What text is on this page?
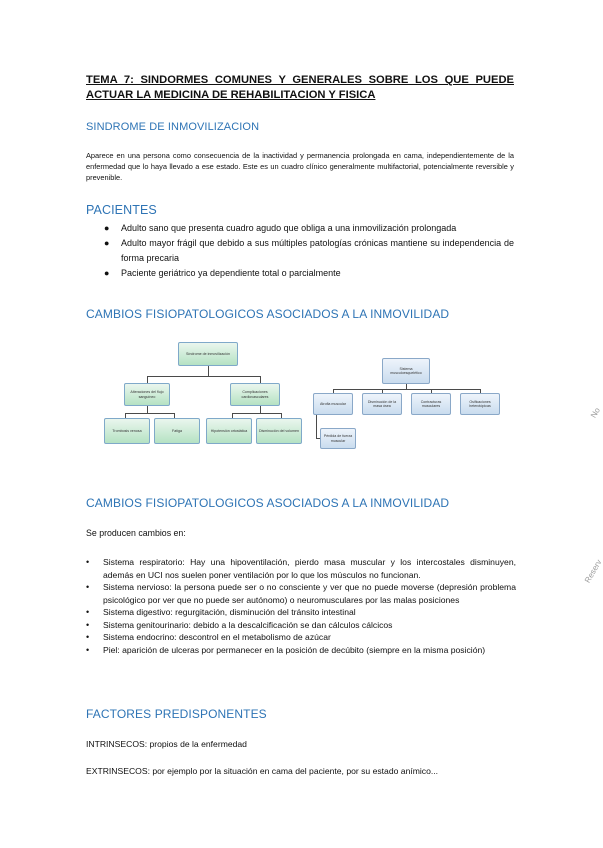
TEMA 7: SINDORMES COMUNES Y GENERALES SOBRE LOS QUE PUEDE ACTUAR LA MEDICINA DE REHABILITACION Y FISICA
SINDROME DE INMOVILIZACION
Aparece en una persona como consecuencia de la inactividad y permanencia prolongada en cama, independientemente de la enfermedad que lo haya llevado a ese estado. Este es un cuadro clínico generalmente multifactorial, potencialmente reversible y prevenible.
PACIENTES
● Adulto sano que presenta cuadro agudo que obliga a una inmovilización prolongada
● Adulto mayor frágil que debido a sus múltiples patologías crónicas mantiene su independencia de forma precaria
● Paciente geriátrico ya dependiente total o parcialmente
CAMBIOS FISIOPATOLOGICOS ASOCIADOS A LA INMOVILIDAD
Síndrome de inmovilización
Alteraciones del flujo sanguíneo
Complicaciones cardiovasculares
Trombosis venosa	Fatiga	Hipotensión ortostática	Disminución del volumen
Sistema musculoesquelético
Atrofia muscular
Disminución de la masa ósea
Contracturas musculares
Osificaciones heterotópicas
Pérdida de fuerza muscular
CAMBIOS FISIOPATOLOGICOS ASOCIADOS A LA INMOVILIDAD
Se producen cambios en:
• Sistema respiratorio: Hay una hipoventilación, pierdo masa muscular y los intercostales disminuyen, además en UCI nos suelen poner ventilación por lo que los músculos no funcionan.
• Sistema nervioso: la persona puede ser o no consciente y ver que no puede moverse (depresión problema psicológico por ver que no puede ser autónomo) o neuromusculares por las malas posiciones
• Sistema digestivo: regurgitación, disminución del tránsito intestinal
• Sistema genitourinario: debido a la descalcificación se dan cálculos cálcicos
• Sistema endocrino: descontrol en el metabolismo de azúcar
• Piel: aparición de ulceras por permanecer en la posición de decúbito (siempre en la misma posición)
FACTORES PREDISPONENTES
INTRINSECOS: propios de la enfermedad
EXTRINSECOS: por ejemplo por la situación en cama del paciente, por su estado anímico...
No
Reserv
